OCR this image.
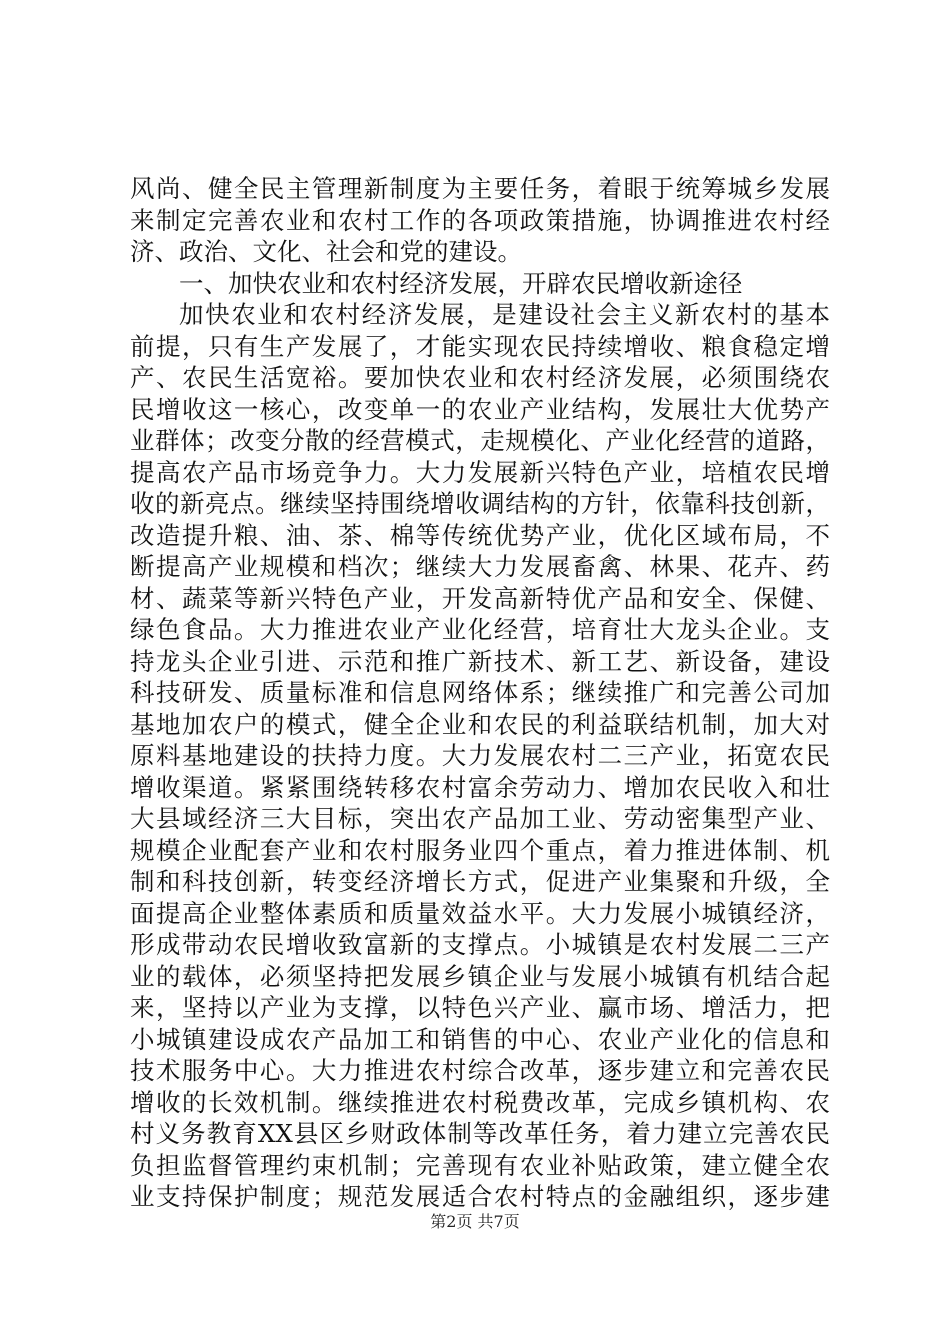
风尚、健全民主管理新制度为主要任务，着眼于统筹城乡发展
来制定完善农业和农村工作的各项政策措施，协调推进农村经
济、政治、文化、社会和党的建设。
一、加快农业和农村经济发展，开辟农民增收新途径
加快农业和农村经济发展，是建设社会主义新农村的基本
前提，只有生产发展了，才能实现农民持续增收、粮食稳定增
产、农民生活宽裕。要加快农业和农村经济发展，必须围绕农
民增收这一核心，改变单一的农业产业结构，发展壮大优势产
业群体；改变分散的经营模式，走规模化、产业化经营的道路，
提高农产品市场竞争力。大力发展新兴特色产业，培植农民增
收的新亮点。继续坚持围绕增收调结构的方针，依靠科技创新，
改造提升粮、油、茶、棉等传统优势产业，优化区域布局，不
断提高产业规模和档次；继续大力发展畜禽、林果、花卉、药
材、蔬菜等新兴特色产业，开发高新特优产品和安全、保健、
绿色食品。大力推进农业产业化经营，培育壮大龙头企业。支
持龙头企业引进、示范和推广新技术、新工艺、新设备，建设
科技研发、质量标准和信息网络体系；继续推广和完善公司加
基地加农户的模式，健全企业和农民的利益联结机制，加大对
原料基地建设的扶持力度。大力发展农村二三产业，拓宽农民
增收渠道。紧紧围绕转移农村富余劳动力、增加农民收入和壮
大县域经济三大目标，突出农产品加工业、劳动密集型产业、
规模企业配套产业和农村服务业四个重点，着力推进体制、机
制和科技创新，转变经济增长方式，促进产业集聚和升级，全
面提高企业整体素质和质量效益水平。大力发展小城镇经济，
形成带动农民增收致富新的支撑点。小城镇是农村发展二三产
业的载体，必须坚持把发展乡镇企业与发展小城镇有机结合起
来，坚持以产业为支撑，以特色兴产业、赢市场、增活力，把
小城镇建设成农产品加工和销售的中心、农业产业化的信息和
技术服务中心。大力推进农村综合改革，逐步建立和完善农民
增收的长效机制。继续推进农村税费改革，完成乡镇机构、农
村义务教育XX县区乡财政体制等改革任务，着力建立完善农民
负担监督管理约束机制；完善现有农业补贴政策，建立健全农
业支持保护制度；规范发展适合农村特点的金融组织，逐步建
第2页 共7页
